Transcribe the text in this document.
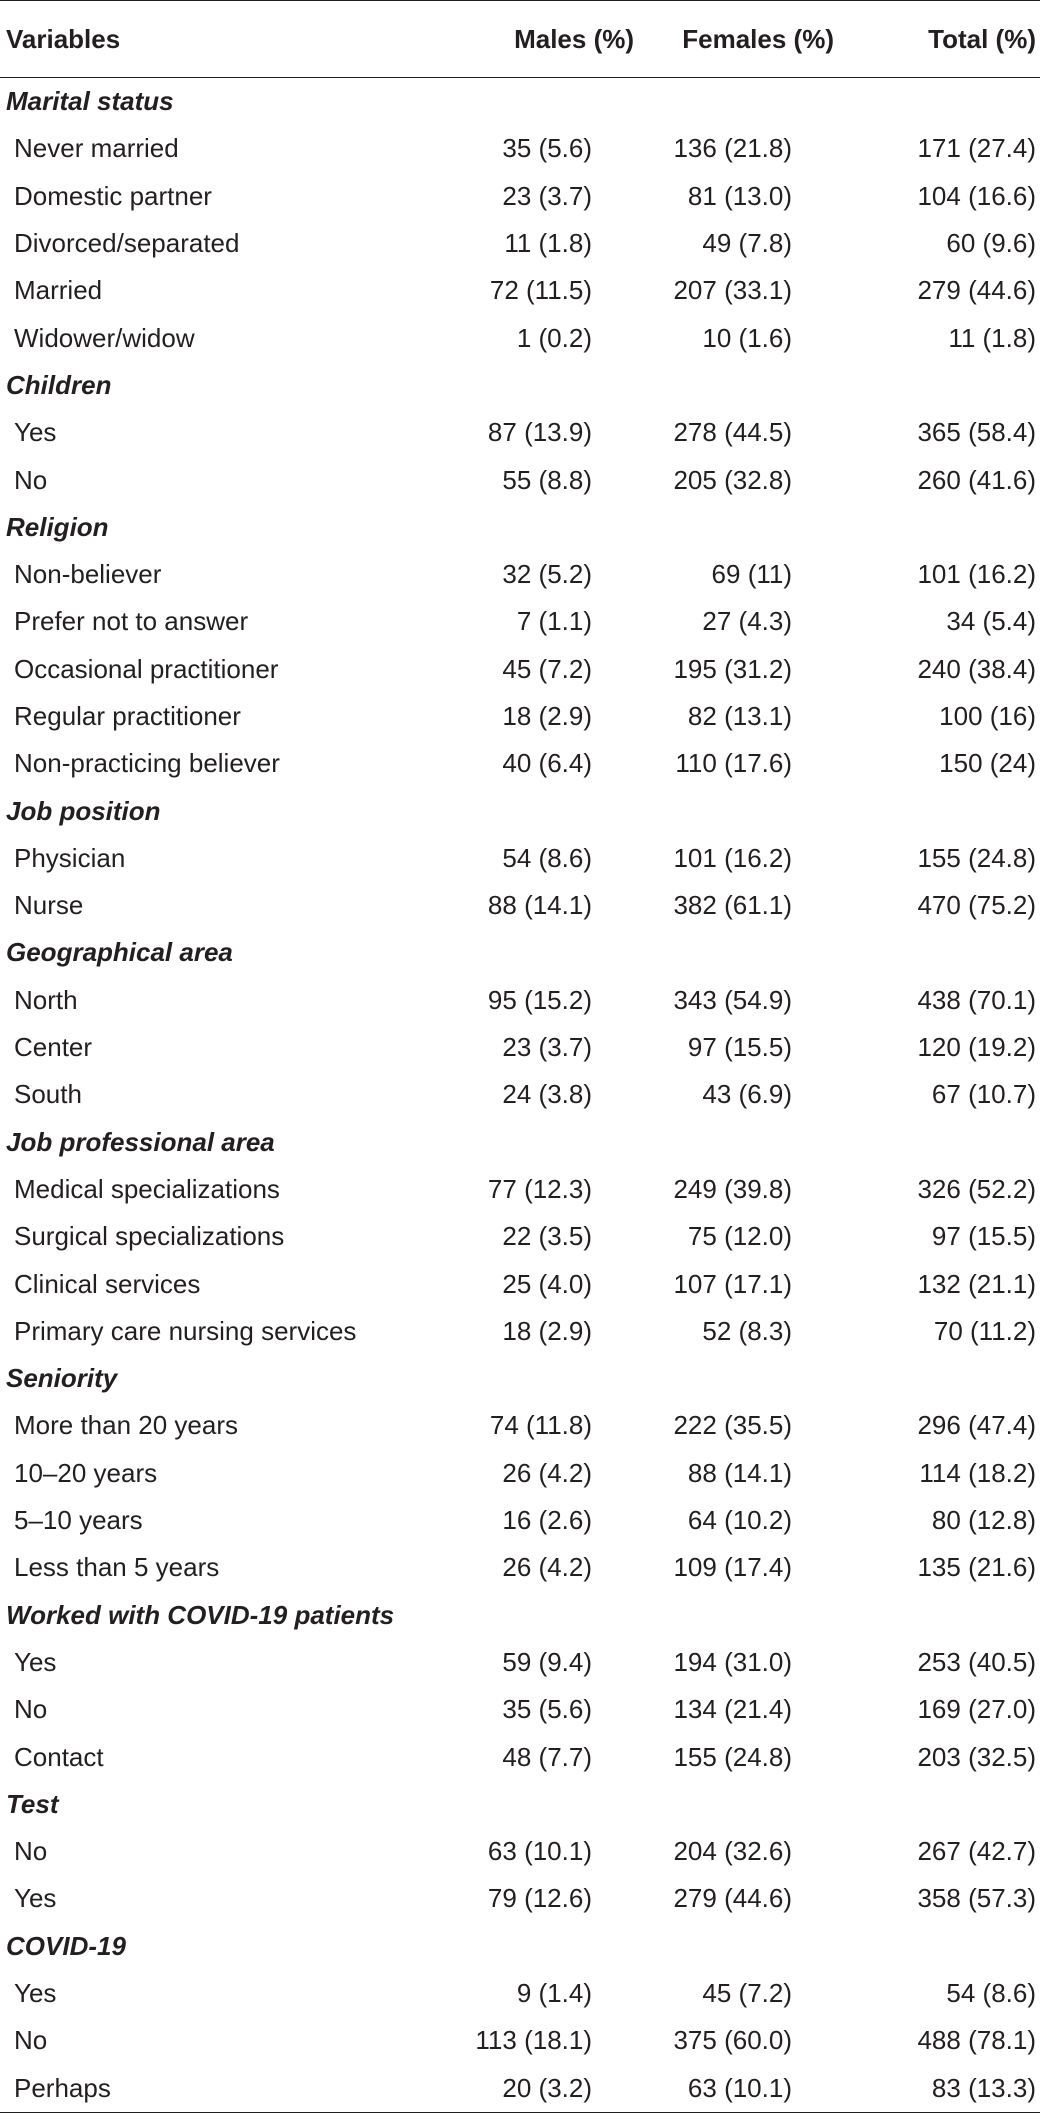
Variables	Males (%)	Females (%)	Total (%)
Marital status			
Never married	35 (5.6)	136 (21.8)	171 (27.4)
Domestic partner	23 (3.7)	81 (13.0)	104 (16.6)
Divorced/separated	11 (1.8)	49 (7.8)	60 (9.6)
Married	72 (11.5)	207 (33.1)	279 (44.6)
Widower/widow	1 (0.2)	10 (1.6)	11 (1.8)
Children			
Yes	87 (13.9)	278 (44.5)	365 (58.4)
No	55 (8.8)	205 (32.8)	260 (41.6)
Religion			
Non-believer	32 (5.2)	69 (11)	101 (16.2)
Prefer not to answer	7 (1.1)	27 (4.3)	34 (5.4)
Occasional practitioner	45 (7.2)	195 (31.2)	240 (38.4)
Regular practitioner	18 (2.9)	82 (13.1)	100 (16)
Non-practicing believer	40 (6.4)	110 (17.6)	150 (24)
Job position			
Physician	54 (8.6)	101 (16.2)	155 (24.8)
Nurse	88 (14.1)	382 (61.1)	470 (75.2)
Geographical area			
North	95 (15.2)	343 (54.9)	438 (70.1)
Center	23 (3.7)	97 (15.5)	120 (19.2)
South	24 (3.8)	43 (6.9)	67 (10.7)
Job professional area			
Medical specializations	77 (12.3)	249 (39.8)	326 (52.2)
Surgical specializations	22 (3.5)	75 (12.0)	97 (15.5)
Clinical services	25 (4.0)	107 (17.1)	132 (21.1)
Primary care nursing services	18 (2.9)	52 (8.3)	70 (11.2)
Seniority			
More than 20 years	74 (11.8)	222 (35.5)	296 (47.4)
10–20 years	26 (4.2)	88 (14.1)	114 (18.2)
5–10 years	16 (2.6)	64 (10.2)	80 (12.8)
Less than 5 years	26 (4.2)	109 (17.4)	135 (21.6)
Worked with COVID-19 patients			
Yes	59 (9.4)	194 (31.0)	253 (40.5)
No	35 (5.6)	134 (21.4)	169 (27.0)
Contact	48 (7.7)	155 (24.8)	203 (32.5)
Test			
No	63 (10.1)	204 (32.6)	267 (42.7)
Yes	79 (12.6)	279 (44.6)	358 (57.3)
COVID-19			
Yes	9 (1.4)	45 (7.2)	54 (8.6)
No	113 (18.1)	375 (60.0)	488 (78.1)
Perhaps	20 (3.2)	63 (10.1)	83 (13.3)
